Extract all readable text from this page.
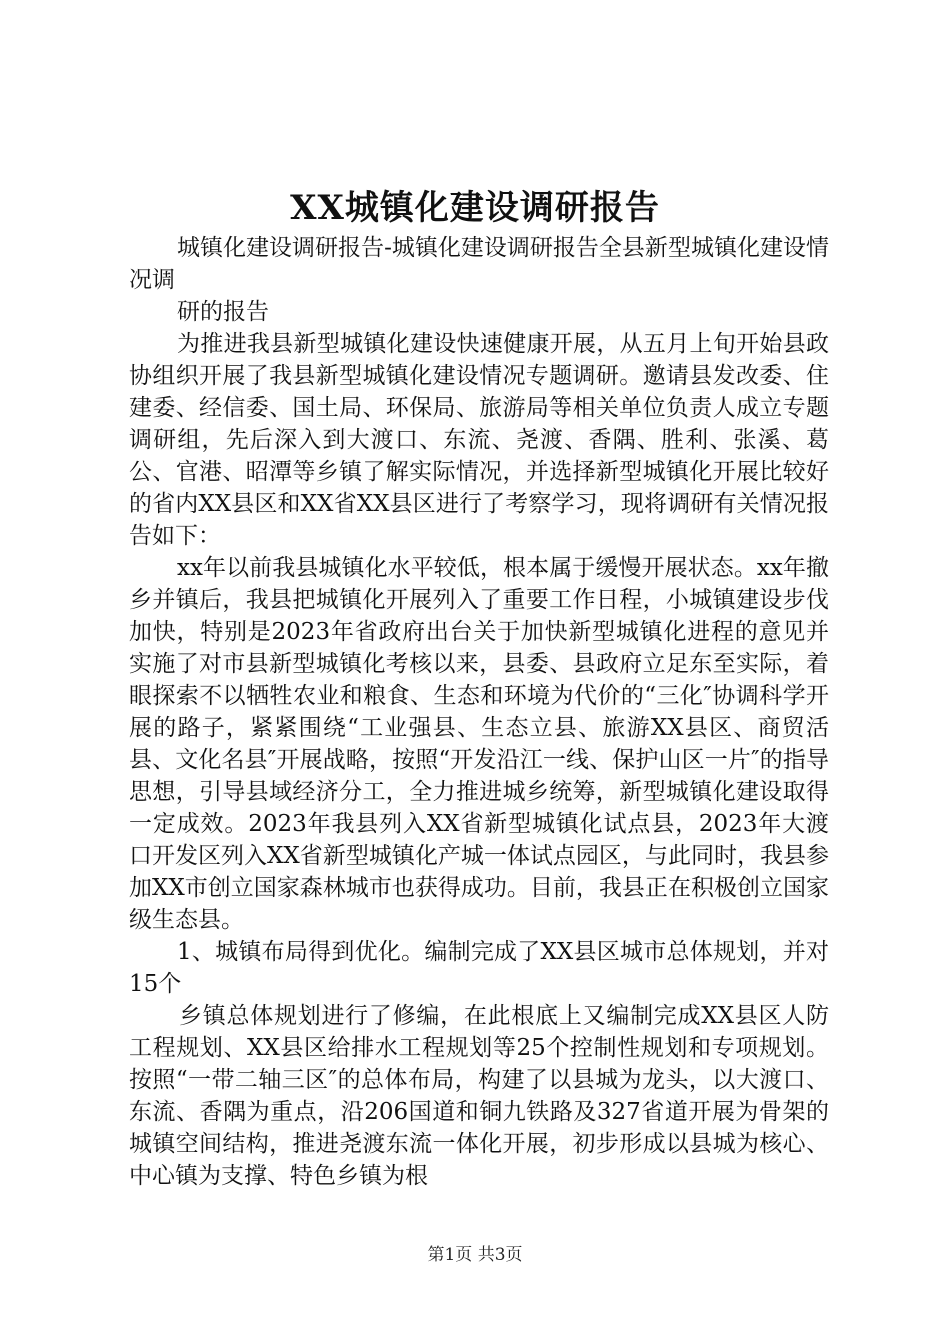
XX城镇化建设调研报告

城镇化建设调研报告-城镇化建设调研报告全县新型城镇化建设情况调

研的报告

为推进我县新型城镇化建设快速健康开展，从五月上旬开始县政协组织开展了我县新型城镇化建设情况专题调研。邀请县发改委、住建委、经信委、国土局、环保局、旅游局等相关单位负责人成立专题调研组，先后深入到大渡口、东流、尧渡、香隅、胜利、张溪、葛公、官港、昭潭等乡镇了解实际情况，并选择新型城镇化开展比较好的省内XX县区和XX省XX县区进行了考察学习，现将调研有关情况报告如下：

xx年以前我县城镇化水平较低，根本属于缓慢开展状态。xx年撤乡并镇后，我县把城镇化开展列入了重要工作日程，小城镇建设步伐加快，特别是2023年省政府出台关于加快新型城镇化进程的意见并实施了对市县新型城镇化考核以来，县委、县政府立足东至实际，着眼探索不以牺牲农业和粮食、生态和环境为代价的“三化″协调科学开展的路子，紧紧围绕“工业强县、生态立县、旅游XX县区、商贸活县、文化名县″开展战略，按照“开发沿江一线、保护山区一片″的指导思想，引导县域经济分工，全力推进城乡统筹，新型城镇化建设取得一定成效。2023年我县列入XX省新型城镇化试点县，2023年大渡口开发区列入XX省新型城镇化产城一体试点园区，与此同时，我县参加XX市创立国家森林城市也获得成功。目前，我县正在积极创立国家级生态县。

1、城镇布局得到优化。编制完成了XX县区城市总体规划，并对15个

乡镇总体规划进行了修编，在此根底上又编制完成XX县区人防工程规划、XX县区给排水工程规划等25个控制性规划和专项规划。按照“一带二轴三区″的总体布局，构建了以县城为龙头，以大渡口、东流、香隅为重点，沿206国道和铜九铁路及327省道开展为骨架的城镇空间结构，推进尧渡东流一体化开展，初步形成以县城为核心、中心镇为支撑、特色乡镇为根

第1页 共3页
